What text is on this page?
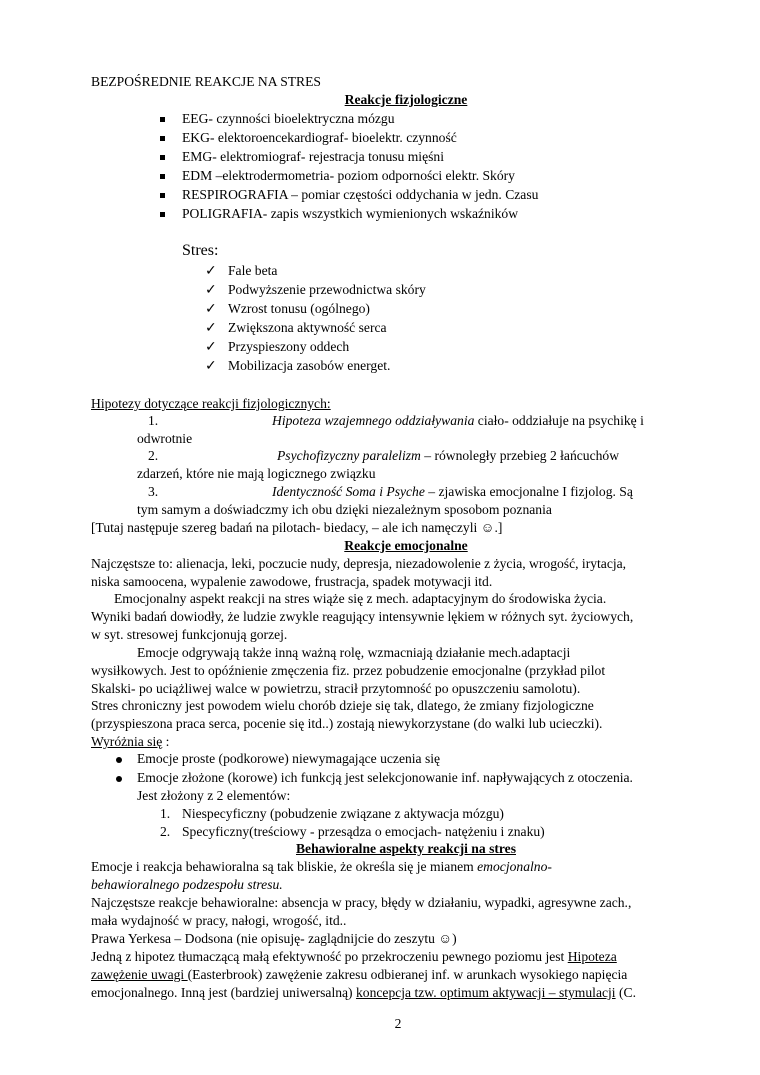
BEZPOŚREDNIE REAKCJE NA STRES
Reakcje fizjologiczne
EEG- czynności bioelektryczna mózgu
EKG- elektoroencekardiograf- bioelektr. czynność
EMG- elektromiograf- rejestracja tonusu mięśni
EDM –elektrodermometria- poziom odporności elektr. Skóry
RESPIROGRAFIA – pomiar częstości oddychania w jedn. Czasu
POLIGRAFIA- zapis wszystkich wymienionych wskaźników
Stres:
✓ Fale beta
✓ Podwyższenie przewodnictwa skóry
✓ Wzrost tonusu (ogólnego)
✓ Zwiększona aktywność serca
✓ Przyspieszony oddech
✓ Mobilizacja zasobów energet.
Hipotezy dotyczące reakcji fizjologicznych:
1.	Hipoteza wzajemnego oddziaływania ciało- oddziałuje na psychikę i
odwrotnie
2.	Psychofizyczny paralelizm – równoległy przebieg 2 łańcuchów
zdarzeń, które nie mają logicznego związku
3.	Identyczność Soma i Psyche – zjawiska emocjonalne I fizjolog. Są
tym samym a doświadczmy ich obu dzięki niezależnym sposobom poznania
[Tutaj następuje szereg badań na pilotach- biedacy, – ale ich namęczyli ☺.]
Reakcje emocjonalne
Najczęstsze to: alienacja, leki, poczucie nudy, depresja, niezadowolenie z życia, wrogość, irytacja,
niska samoocena, wypalenie zawodowe, frustracja, spadek motywacji itd.
Emocjonalny aspekt reakcji na stres wiąże się z mech. adaptacyjnym do środowiska życia.
Wyniki badań dowiodły, że ludzie zwykle reagujący intensywnie lękiem w różnych syt. życiowych,
w syt. stresowej funkcjonują gorzej.
Emocje odgrywają także inną ważną rolę, wzmacniają działanie mech.adaptacji
wysiłkowych. Jest to opóźnienie zmęczenia fiz. przez pobudzenie emocjonalne (przykład pilot
Skalski- po uciążliwej walce w powietrzu, stracił przytomność po opuszczeniu samolotu).
Stres chroniczny jest powodem wielu chorób dzieje się tak, dlatego, że zmiany fizjologiczne
(przyspieszona praca serca, pocenie się itd..) zostają niewykorzystane (do walki lub ucieczki).
Wyróżnia się :
Emocje proste (podkorowe) niewymagające uczenia się
Emocje złożone (korowe) ich funkcją jest selekcjonowanie inf. napływających z otoczenia.
Jest złożony z 2 elementów:
1. Niespecyficzny (pobudzenie związane z aktywacja mózgu)
2. Specyficzny(treściowy - przesądza o emocjach- natężeniu i znaku)
Behawioralne aspekty reakcji na stres
Emocje i reakcja behawioralna są tak bliskie, że określa się je mianem emocjonalno-
behawioralnego podzespołu stresu.
Najczęstsze reakcje behawioralne: absencja w pracy, błędy w działaniu, wypadki, agresywne zach.,
mała wydajność w pracy, nałogi, wrogość, itd..
Prawa Yerkesa – Dodsona (nie opisuję- zaglądnijcie do zeszytu ☺)
Jedną z hipotez tłumaczącą małą efektywność po przekroczeniu pewnego poziomu jest Hipoteza
zawężenie uwagi (Easterbrook) zawężenie zakresu odbieranej inf. w arunkach wysokiego napięcia
emocjonalnego. Inną jest (bardziej uniwersalną) koncepcja tzw. optimum aktywacji – stymulacji (C.
2
